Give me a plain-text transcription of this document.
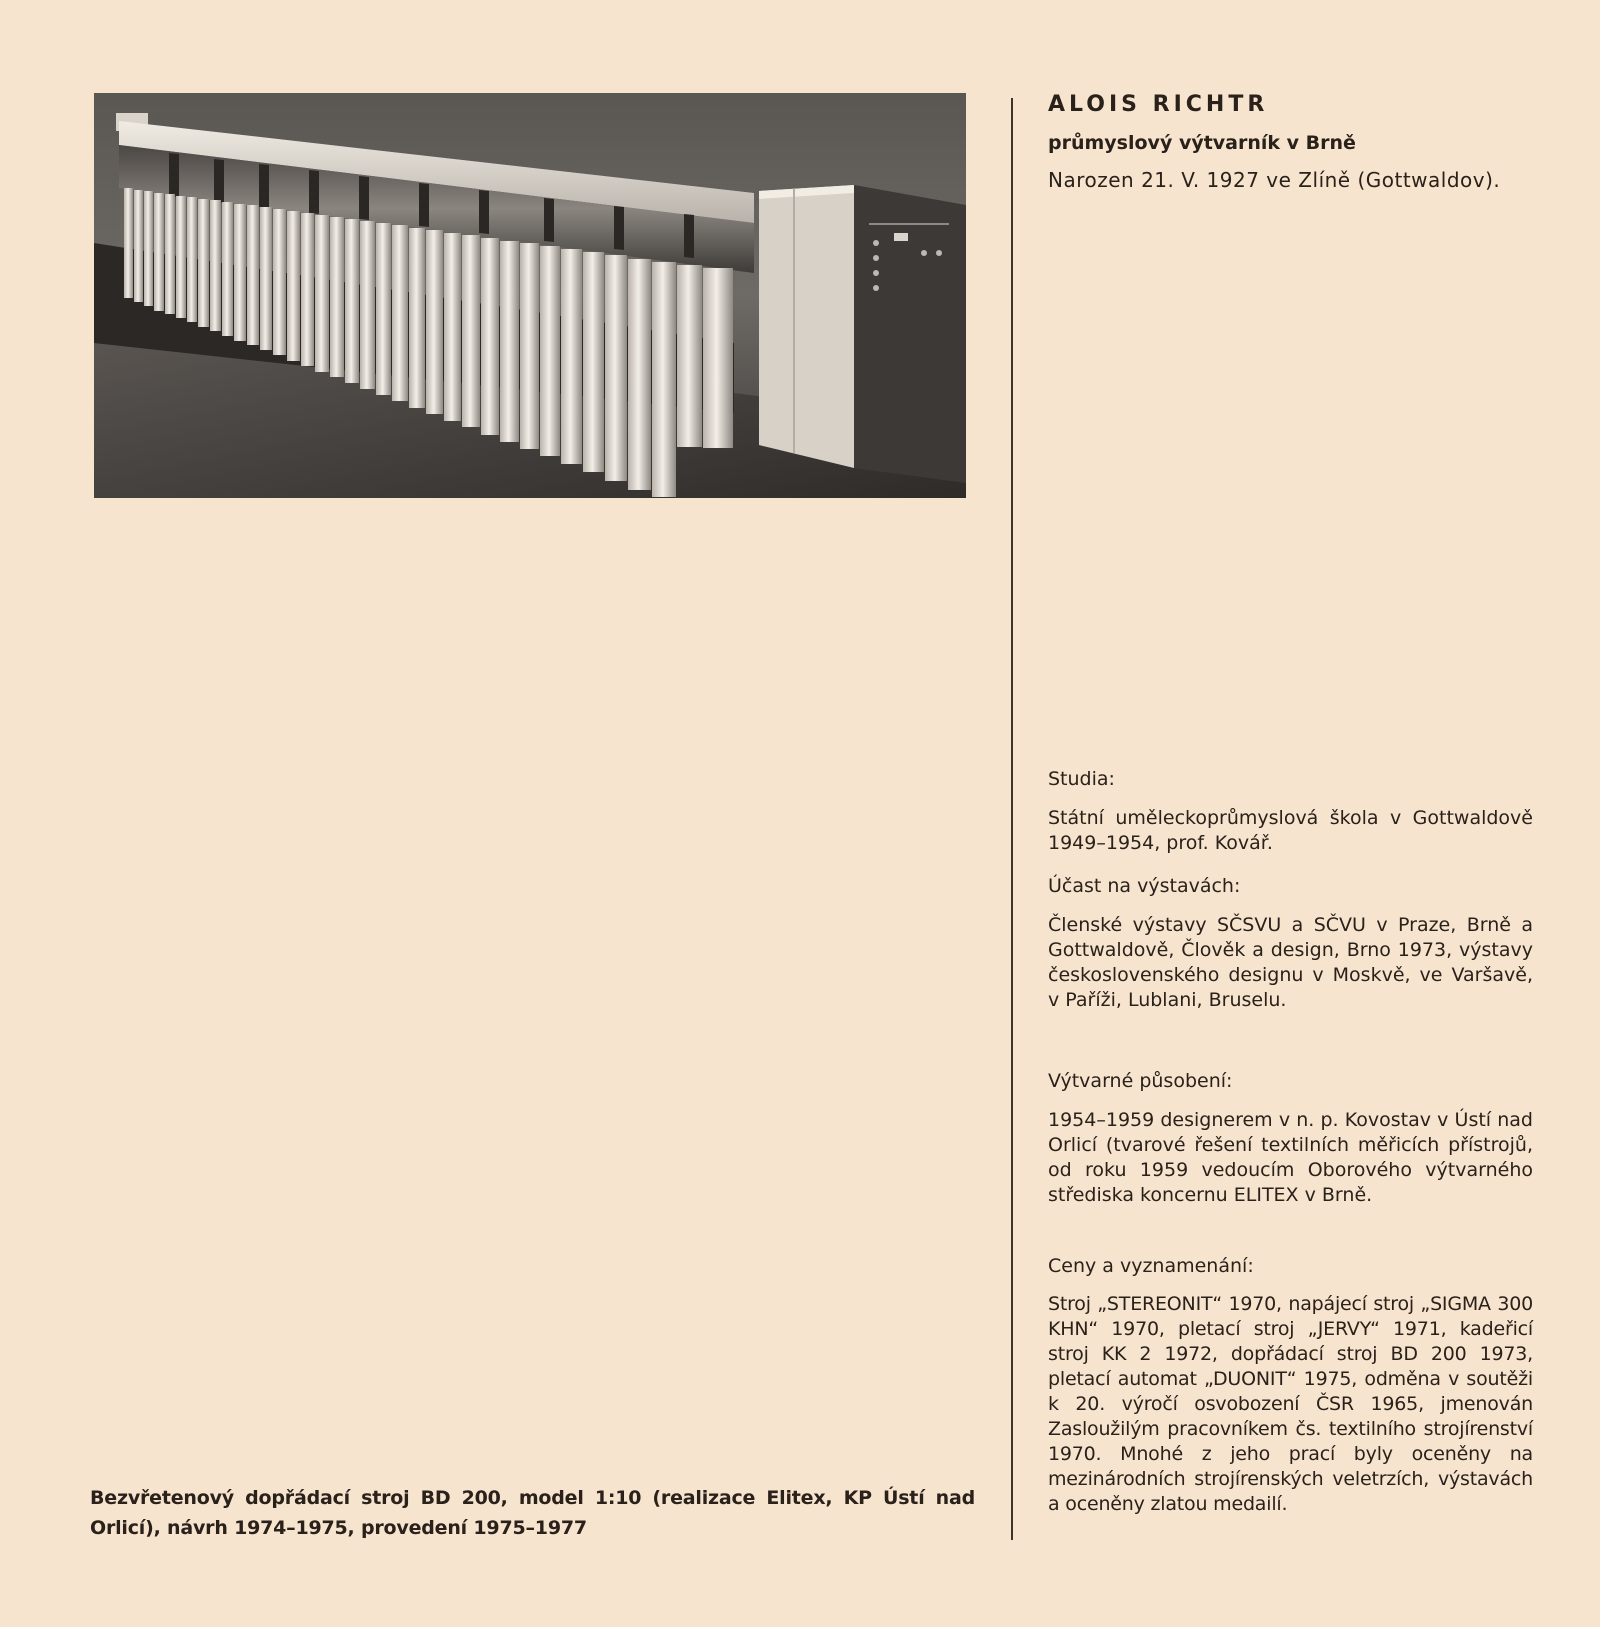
ALOIS RICHTR
průmyslový výtvarník v Brně
Narozen 21. V. 1927 ve Zlíně (Gottwaldov).
Studia:
Státní uměleckoprůmyslová škola v Gottwaldově 1949–1954, prof. Kovář.
Účast na výstavách:
Členské výstavy SČSVU a SČVU v Praze, Brně a Gottwaldově, Člověk a design, Brno 1973, výstavy československého designu v Moskvě, ve Varšavě, v Paříži, Lublani, Bruselu.
Výtvarné působení:
1954–1959 designerem v n. p. Kovostav v Ústí nad Orlicí (tvarové řešení textilních měřicích přístrojů, od roku 1959 vedoucím Oborového výtvarného střediska koncernu ELITEX v Brně.
Ceny a vyznamenání:
Stroj „STEREONIT“ 1970, napájecí stroj „SIGMA 300 KHN“ 1970, pletací stroj „JERVY“ 1971, kadeřicí stroj KK 2 1972, dopřádací stroj BD 200 1973, pletací automat „DUONIT“ 1975, odměna v soutěži k 20. výročí osvobození ČSR 1965, jmenován Zasloužilým pracovníkem čs. textilního strojírenství 1970. Mnohé z jeho prací byly oceněny na mezinárodních strojírenských veletrzích, výstavách a oceněny zlatou medailí.
Bezvřetenový dopřádací stroj BD 200, model 1:10 (realizace Elitex, KP Ústí nad Orlicí), návrh 1974–1975, provedení 1975–1977
